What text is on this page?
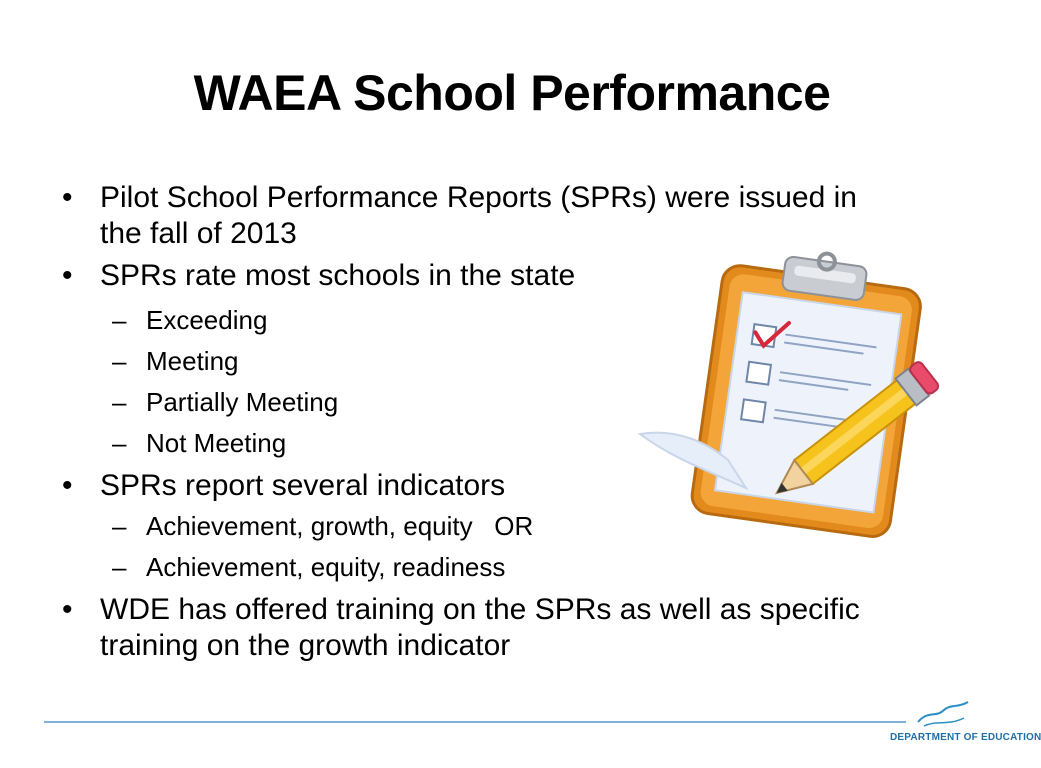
WAEA School Performance
• Pilot School Performance Reports (SPRs) were issued in
the fall of 2013
• SPRs rate most schools in the state
– Exceeding
– Meeting
– Partially Meeting
– Not Meeting
• SPRs report several indicators
– Achievement, growth, equity   OR
– Achievement, equity, readiness
• WDE has offered training on the SPRs as well as specific
training on the growth indicator
DEPARTMENT OF EDUCATION
